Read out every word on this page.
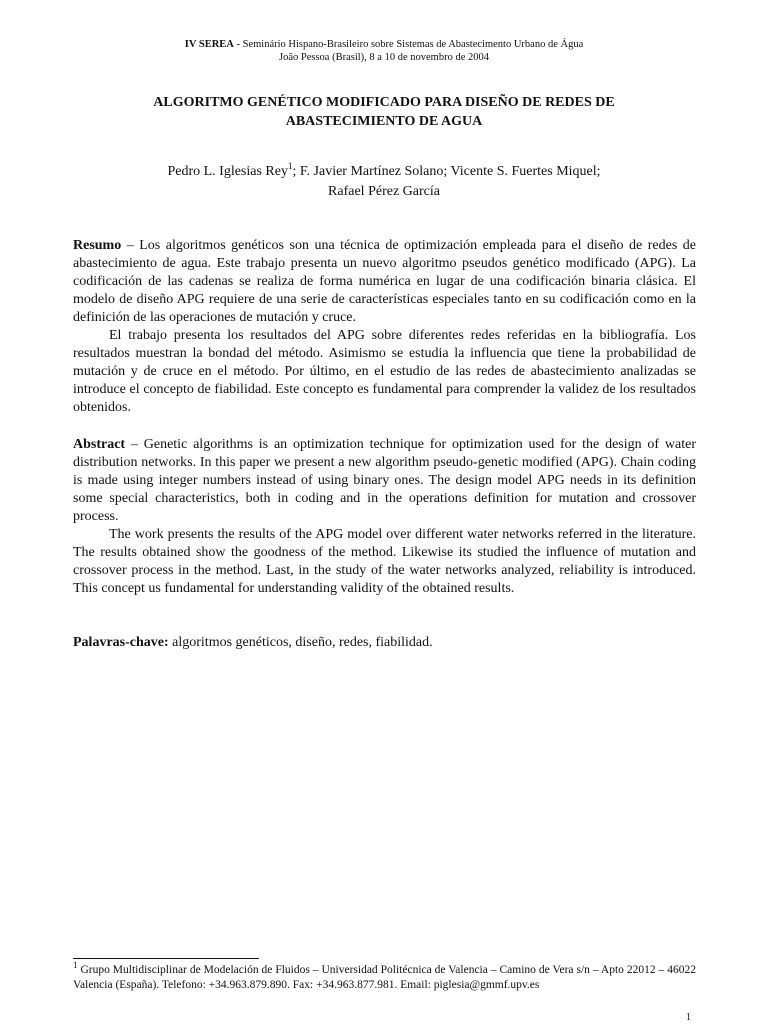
IV SEREA - Seminário Hispano-Brasileiro sobre Sistemas de Abastecimento Urbano de Água
João Pessoa (Brasil), 8 a 10 de novembro de 2004
ALGORITMO GENÉTICO MODIFICADO PARA DISEÑO DE REDES DE
ABASTECIMIENTO DE AGUA
Pedro L. Iglesias Rey$^1$; F. Javier Martínez Solano; Vicente S. Fuertes Miquel;
Rafael Pérez García

Resumo – Los algoritmos genéticos son una técnica de optimización empleada para el diseño de redes de abastecimiento de agua. Este trabajo presenta un nuevo algoritmo pseudos genético modificado (APG). La codificación de las cadenas se realiza de forma numérica en lugar de una codificación binaria clásica. El modelo de diseño APG requiere de una serie de características especiales tanto en su codificación como en la definición de las operaciones de mutación y cruce.

El trabajo presenta los resultados del APG sobre diferentes redes referidas en la bibliografía. Los resultados muestran la bondad del método. Asimismo se estudia la influencia que tiene la probabilidad de mutación y de cruce en el método. Por último, en el estudio de las redes de abastecimiento analizadas se introduce el concepto de fiabilidad. Este concepto es fundamental para comprender la validez de los resultados obtenidos.

Abstract – Genetic algorithms is an optimization technique for optimization used for the design of water distribution networks. In this paper we present a new algorithm pseudo-genetic modified (APG). Chain coding is made using integer numbers instead of using binary ones. The design model APG needs in its definition some special characteristics, both in coding and in the operations definition for mutation and crossover process.

The work presents the results of the APG model over different water networks referred in the literature. The results obtained show the goodness of the method. Likewise its studied the influence of mutation and crossover process in the method. Last, in the study of the water networks analyzed, reliability is introduced. This concept us fundamental for understanding validity of the obtained results.

Palavras-chave: algoritmos genéticos, diseño, redes, fiabilidad.

$^1$ Grupo Multidisciplinar de Modelación de Fluidos – Universidad Politécnica de Valencia – Camino de Vera s/n – Apto 22012 – 46022 Valencia (España). Telefono: +34.963.879.890. Fax: +34.963.877.981. Email: piglesia@gmmf.upv.es
1
